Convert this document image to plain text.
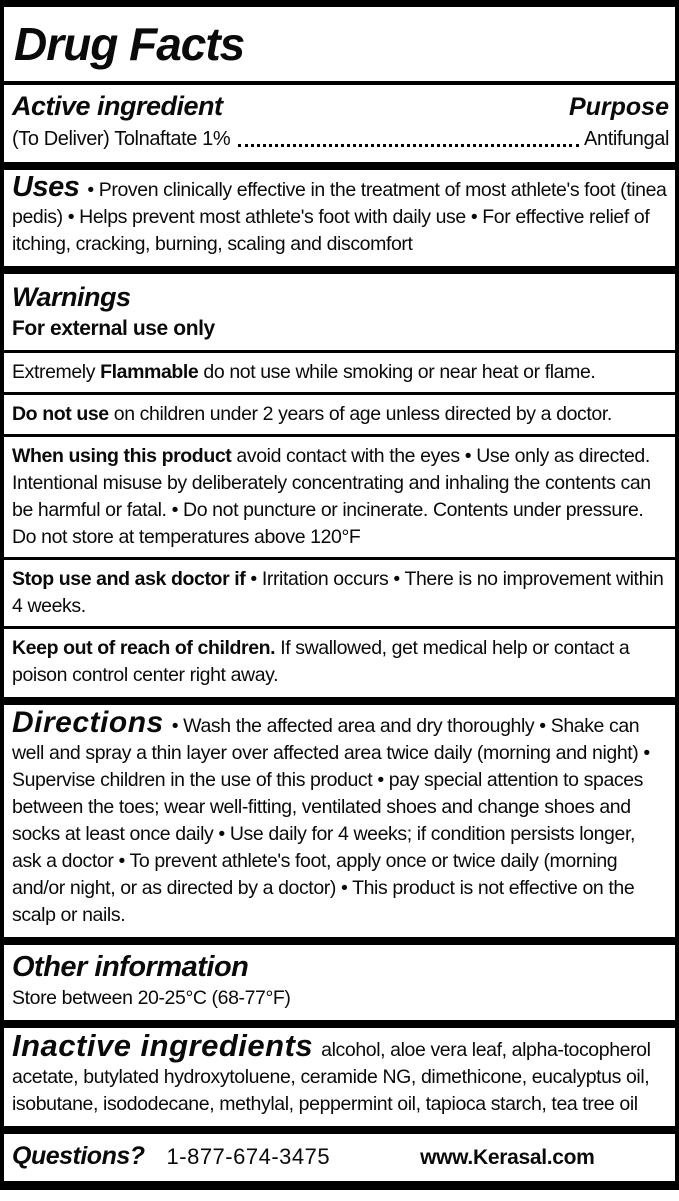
Drug Facts
Active ingredient	Purpose
(To Deliver) Tolnaftate 1%	Antifungal

Uses • Proven clinically effective in the treatment of most athlete's foot (tinea pedis) • Helps prevent most athlete's foot with daily use • For effective relief of itching, cracking, burning, scaling and discomfort

Warnings

For external use only

Extremely Flammable do not use while smoking or near heat or flame.

Do not use on children under 2 years of age unless directed by a doctor.

When using this product avoid contact with the eyes • Use only as directed. Intentional misuse by deliberately concentrating and inhaling the contents can be harmful or fatal. • Do not puncture or incinerate. Contents under pressure. Do not store at temperatures above 120°F

Stop use and ask doctor if • Irritation occurs • There is no improvement within 4 weeks.

Keep out of reach of children. If swallowed, get medical help or contact a poison control center right away.

Directions • Wash the affected area and dry thoroughly • Shake can well and spray a thin layer over affected area twice daily (morning and night) • Supervise children in the use of this product • pay special attention to spaces between the toes; wear well-fitting, ventilated shoes and change shoes and socks at least once daily • Use daily for 4 weeks; if condition persists longer, ask a doctor • To prevent athlete's foot, apply once or twice daily (morning and/or night, or as directed by a doctor) • This product is not effective on the scalp or nails.

Other information

Store between 20-25°C (68-77°F)

Inactive ingredients alcohol, aloe vera leaf, alpha-tocopherol acetate, butylated hydroxytoluene, ceramide NG, dimethicone, eucalyptus oil, isobutane, isododecane, methylal, peppermint oil, tapioca starch, tea tree oil

Questions? 1-877-674-3475	www.Kerasal.com
